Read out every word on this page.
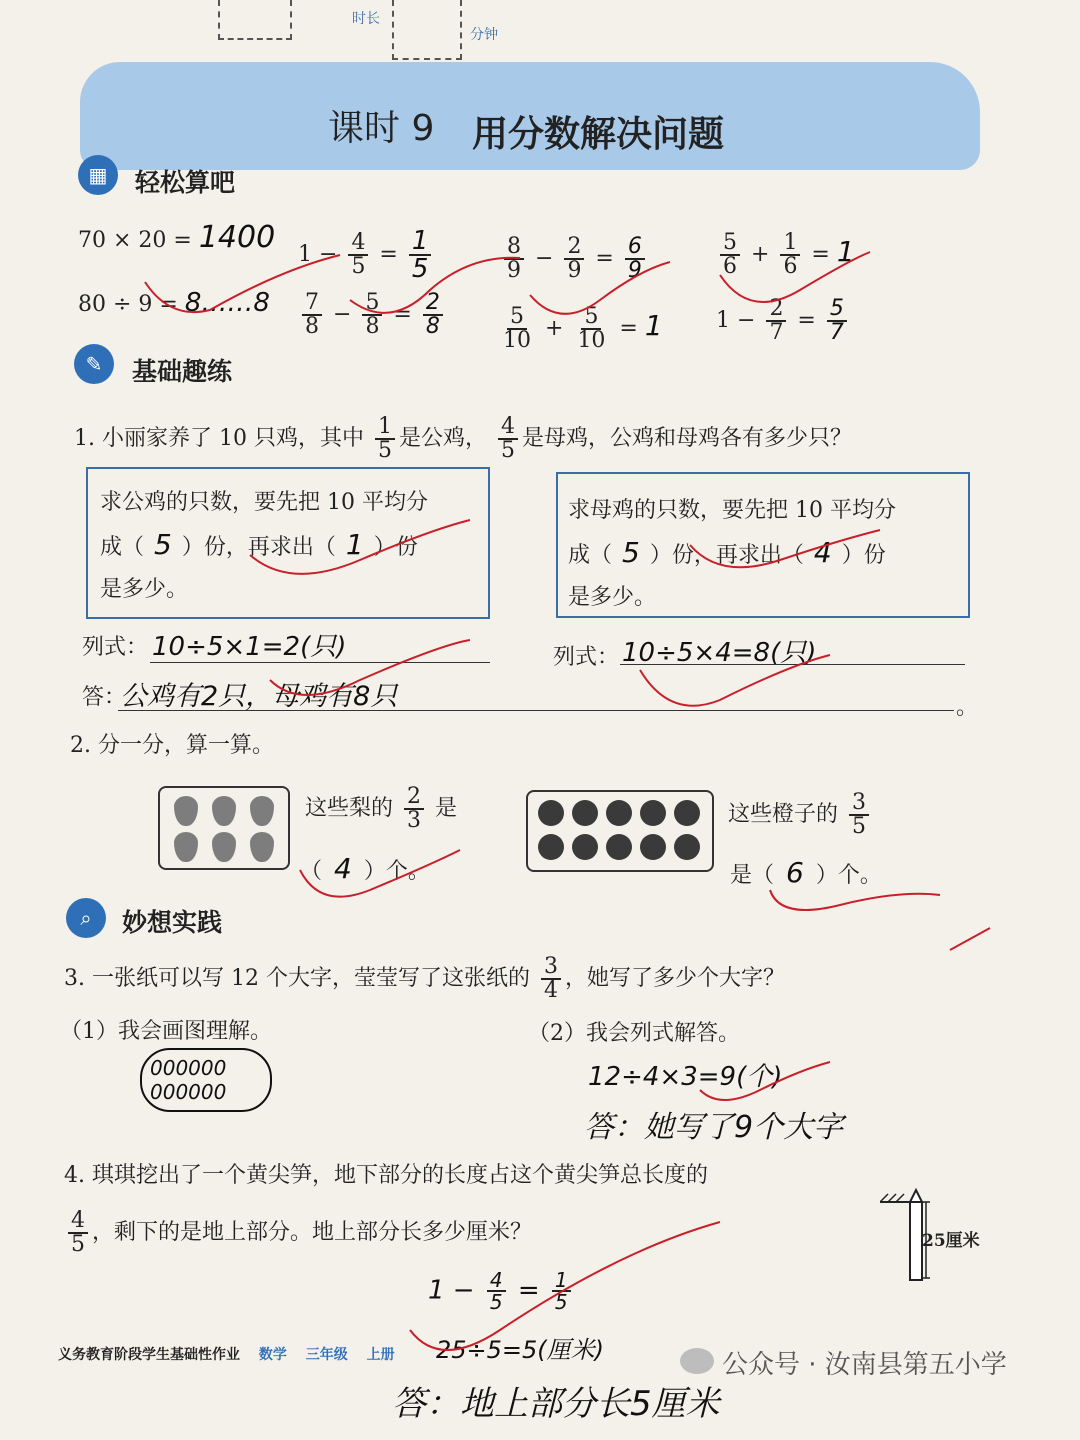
时长
分钟
课时 9 用分数解决问题
▦	轻松算吧
70 × 20 = 1400
80 ÷ 9 = 8……8
$1 - \frac{4}{5} = \frac{1}{5}$
$\frac{7}{8} - \frac{5}{8} = \frac{2}{8}$
$\frac{8}{9} - \frac{2}{9} = \frac{6}{9}$
$\frac{5}{10} + \frac{5}{10} = 1$
$\frac{5}{6} + \frac{1}{6} = 1$
$1 - \frac{2}{7} = \frac{5}{7}$
✎	基础趣练
1. 小丽家养了 10 只鸡，其中 $\frac{1}{5}$ 是公鸡， $\frac{4}{5}$ 是母鸡，公鸡和母鸡各有多少只？
求公鸡的只数，要先把 10 平均分
成（ 5 ）份，再求出（ 1 ）份
是多少。
求母鸡的只数，要先把 10 平均分
成（ 5 ）份，再求出（ 4 ）份
是多少。
列式： 10÷5×1=2(只)	列式： 10÷5×4=8(只)
答：
公鸡有2只，母鸡有8只	。
2. 分一分，算一算。
这些梨的 $\frac{2}{3}$ 是
（ 4 ）个。
这些橙子的 $\frac{3}{5}$
是（ 6 ）个。
⌕	妙想实践
3. 一张纸可以写 12 个大字，莹莹写了这张纸的 $\frac{3}{4}$ ，她写了多少个大字？
（1）我会画图理解。	（2）我会列式解答。
000000 000000	12÷4×3=9(个)
答：她写了9个大字
4. 琪琪挖出了一个黄尖笋，地下部分的长度占这个黄尖笋总长度的
$\frac{4}{5}$ ，剩下的是地上部分。地上部分长多少厘米？	25厘米
$1 - \frac{4}{5} = \frac{1}{5}$
25÷5=5(厘米)
答：地上部分长5厘米
义务教育阶段学生基础性作业 数学 三年级 上册	公众号 · 汝南县第五小学
